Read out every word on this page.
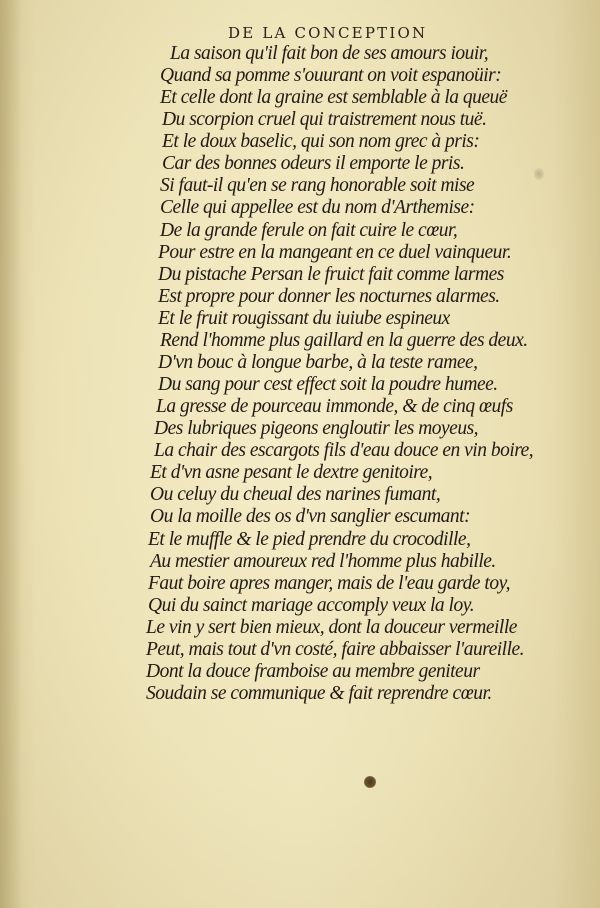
DE LA CONCEPTION
La saison qu'il fait bon de ses amours iouir,
Quand sa pomme s'ouurant on voit espanoüir:
Et celle dont la graine est semblable à la queuë
Du scorpion cruel qui traistrement nous tuë.
Et le doux baselic, qui son nom grec à pris:
Car des bonnes odeurs il emporte le pris.
Si faut-il qu'en se rang honorable soit mise
Celle qui appellee est du nom d'Arthemise:
De la grande ferule on fait cuire le cœur,
Pour estre en la mangeant en ce duel vainqueur.
Du pistache Persan le fruict fait comme larmes
Est propre pour donner les nocturnes alarmes.
Et le fruit rougissant du iuiube espineux
Rend l'homme plus gaillard en la guerre des deux.
D'vn bouc à longue barbe, à la teste ramee,
Du sang pour cest effect soit la poudre humee.
La gresse de pourceau immonde, & de cinq œufs
Des lubriques pigeons engloutir les moyeus,
La chair des escargots fils d'eau douce en vin boire,
Et d'vn asne pesant le dextre genitoire,
Ou celuy du cheual des narines fumant,
Ou la moille des os d'vn sanglier escumant:
Et le muffle & le pied prendre du crocodille,
Au mestier amoureux red l'homme plus habille.
Faut boire apres manger, mais de l'eau garde toy,
Qui du sainct mariage accomply veux la loy.
Le vin y sert bien mieux, dont la douceur vermeille
Peut, mais tout d'vn costé, faire abbaisser l'aureille.
Dont la douce framboise au membre geniteur
Soudain se communique & fait reprendre cœur.
